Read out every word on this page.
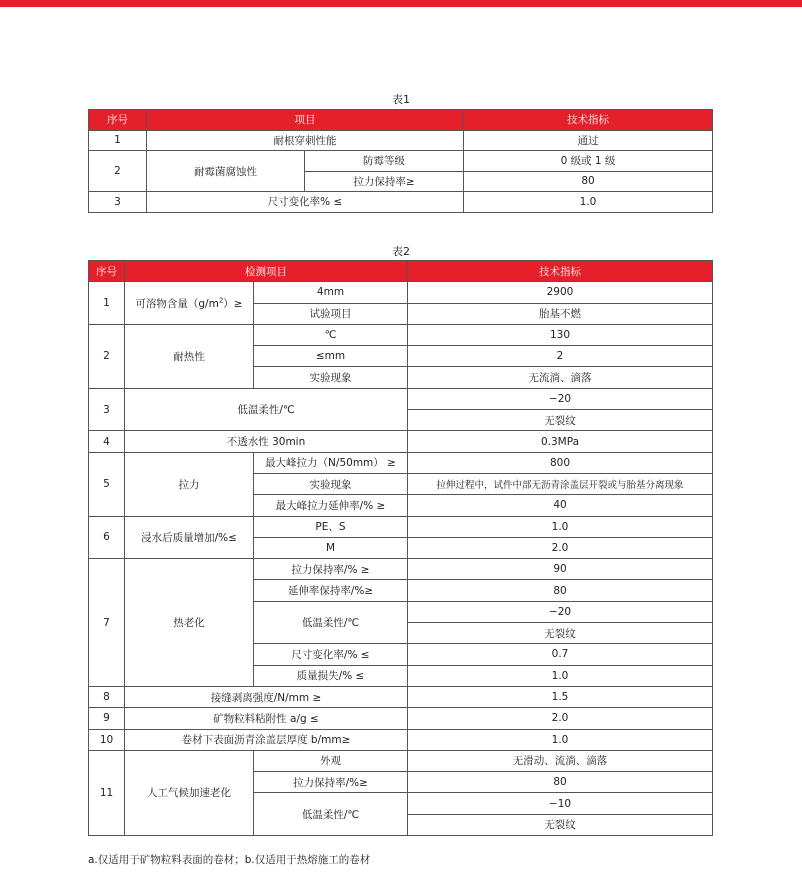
表1
序号	项目		技术指标
1	耐根穿刺性能		通过
2	耐霉菌腐蚀性	防霉等级	0 级或 1 级
		拉力保持率≥	80
3	尺寸变化率% ≤		1.0
表2
序号	检测项目		技术指标
1	可溶物含量$(g/m^2)\ge$	4mm	2900
		试验项目	胎基不燃
2	耐热性	℃	130
		≤mm	2
		实验现象	无流淌、滴落
3	低温柔性/℃		−20
			无裂纹
4	不透水性 30min		0.3MPa
5	拉力	最大峰拉力（N/50mm） ≥	800
		实验现象	拉伸过程中，试件中部无沥青涂盖层开裂或与胎基分离现象
		最大峰拉力延伸率/% ≥	40
6	浸水后质量增加/%≤	PE、S	1.0
		M	2.0
7	热老化	拉力保持率/% ≥	90
		延伸率保持率/%≥	80
		低温柔性/℃	−20
			无裂纹
		尺寸变化率/% ≤	0.7
		质量损失/% ≤	1.0
8	接缝剥离强度/N/mm ≥		1.5
9	矿物粒料粘附性 a/g ≤		2.0
10	卷材下表面沥青涂盖层厚度 b/mm≥		1.0
11	人工气候加速老化	外观	无滑动、流淌、滴落
		拉力保持率/%≥	80
		低温柔性/℃	−10
			无裂纹
a.仅适用于矿物粒料表面的卷材；b.仅适用于热熔施工的卷材
